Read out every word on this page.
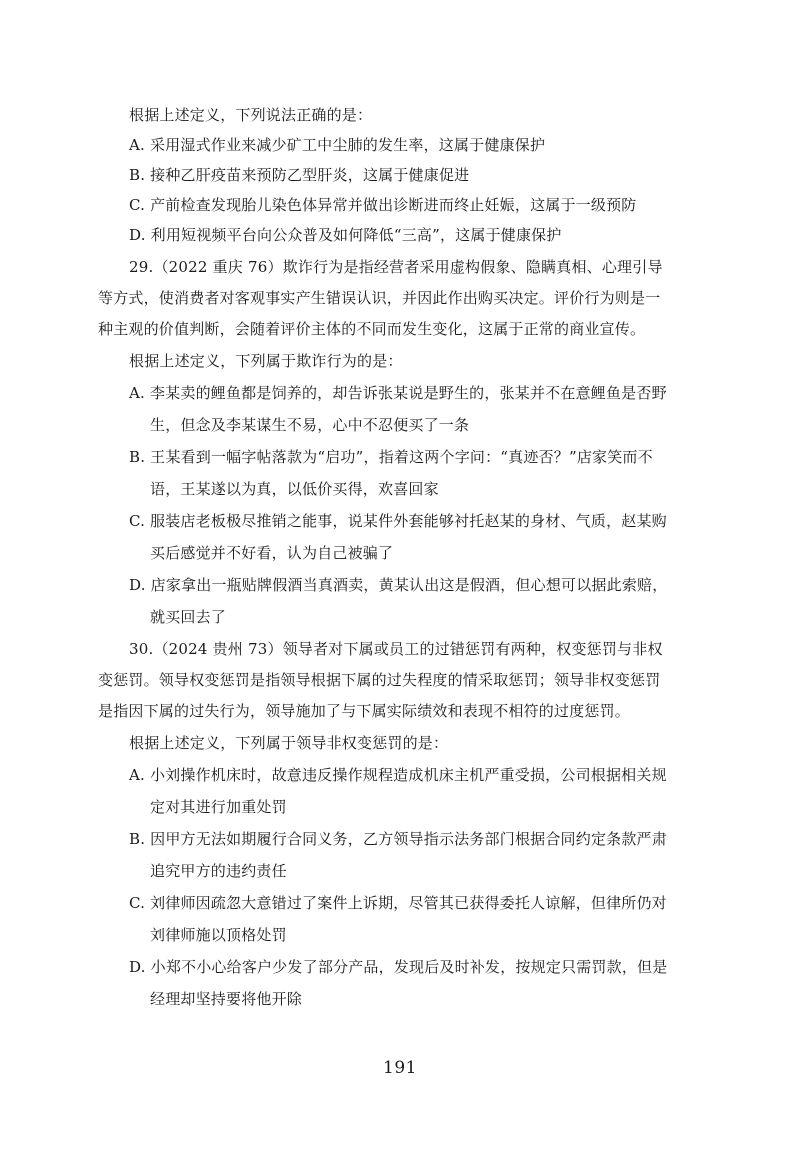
根据上述定义，下列说法正确的是：
A. 采用湿式作业来减少矿工中尘肺的发生率，这属于健康保护
B. 接种乙肝疫苗来预防乙型肝炎，这属于健康促进
C. 产前检查发现胎儿染色体异常并做出诊断进而终止妊娠，这属于一级预防
D. 利用短视频平台向公众普及如何降低“三高”，这属于健康保护
29.（2022 重庆 76）欺诈行为是指经营者采用虚构假象、隐瞒真相、心理引导
等方式，使消费者对客观事实产生错误认识，并因此作出购买决定。评价行为则是一
种主观的价值判断，会随着评价主体的不同而发生变化，这属于正常的商业宣传。
根据上述定义，下列属于欺诈行为的是：
A. 李某卖的鲤鱼都是饲养的，却告诉张某说是野生的，张某并不在意鲤鱼是否野
生，但念及李某谋生不易，心中不忍便买了一条
B. 王某看到一幅字帖落款为“启功”，指着这两个字问：“真迹否？”店家笑而不
语，王某遂以为真，以低价买得，欢喜回家
C. 服装店老板极尽推销之能事，说某件外套能够衬托赵某的身材、气质，赵某购
买后感觉并不好看，认为自己被骗了
D. 店家拿出一瓶贴牌假酒当真酒卖，黄某认出这是假酒，但心想可以据此索赔，
就买回去了
30.（2024 贵州 73）领导者对下属或员工的过错惩罚有两种，权变惩罚与非权
变惩罚。领导权变惩罚是指领导根据下属的过失程度的情采取惩罚；领导非权变惩罚
是指因下属的过失行为，领导施加了与下属实际绩效和表现不相符的过度惩罚。
根据上述定义，下列属于领导非权变惩罚的是：
A. 小刘操作机床时，故意违反操作规程造成机床主机严重受损，公司根据相关规
定对其进行加重处罚
B. 因甲方无法如期履行合同义务，乙方领导指示法务部门根据合同约定条款严肃
追究甲方的违约责任
C. 刘律师因疏忽大意错过了案件上诉期，尽管其已获得委托人谅解，但律所仍对
刘律师施以顶格处罚
D. 小郑不小心给客户少发了部分产品，发现后及时补发，按规定只需罚款，但是
经理却坚持要将他开除
191
